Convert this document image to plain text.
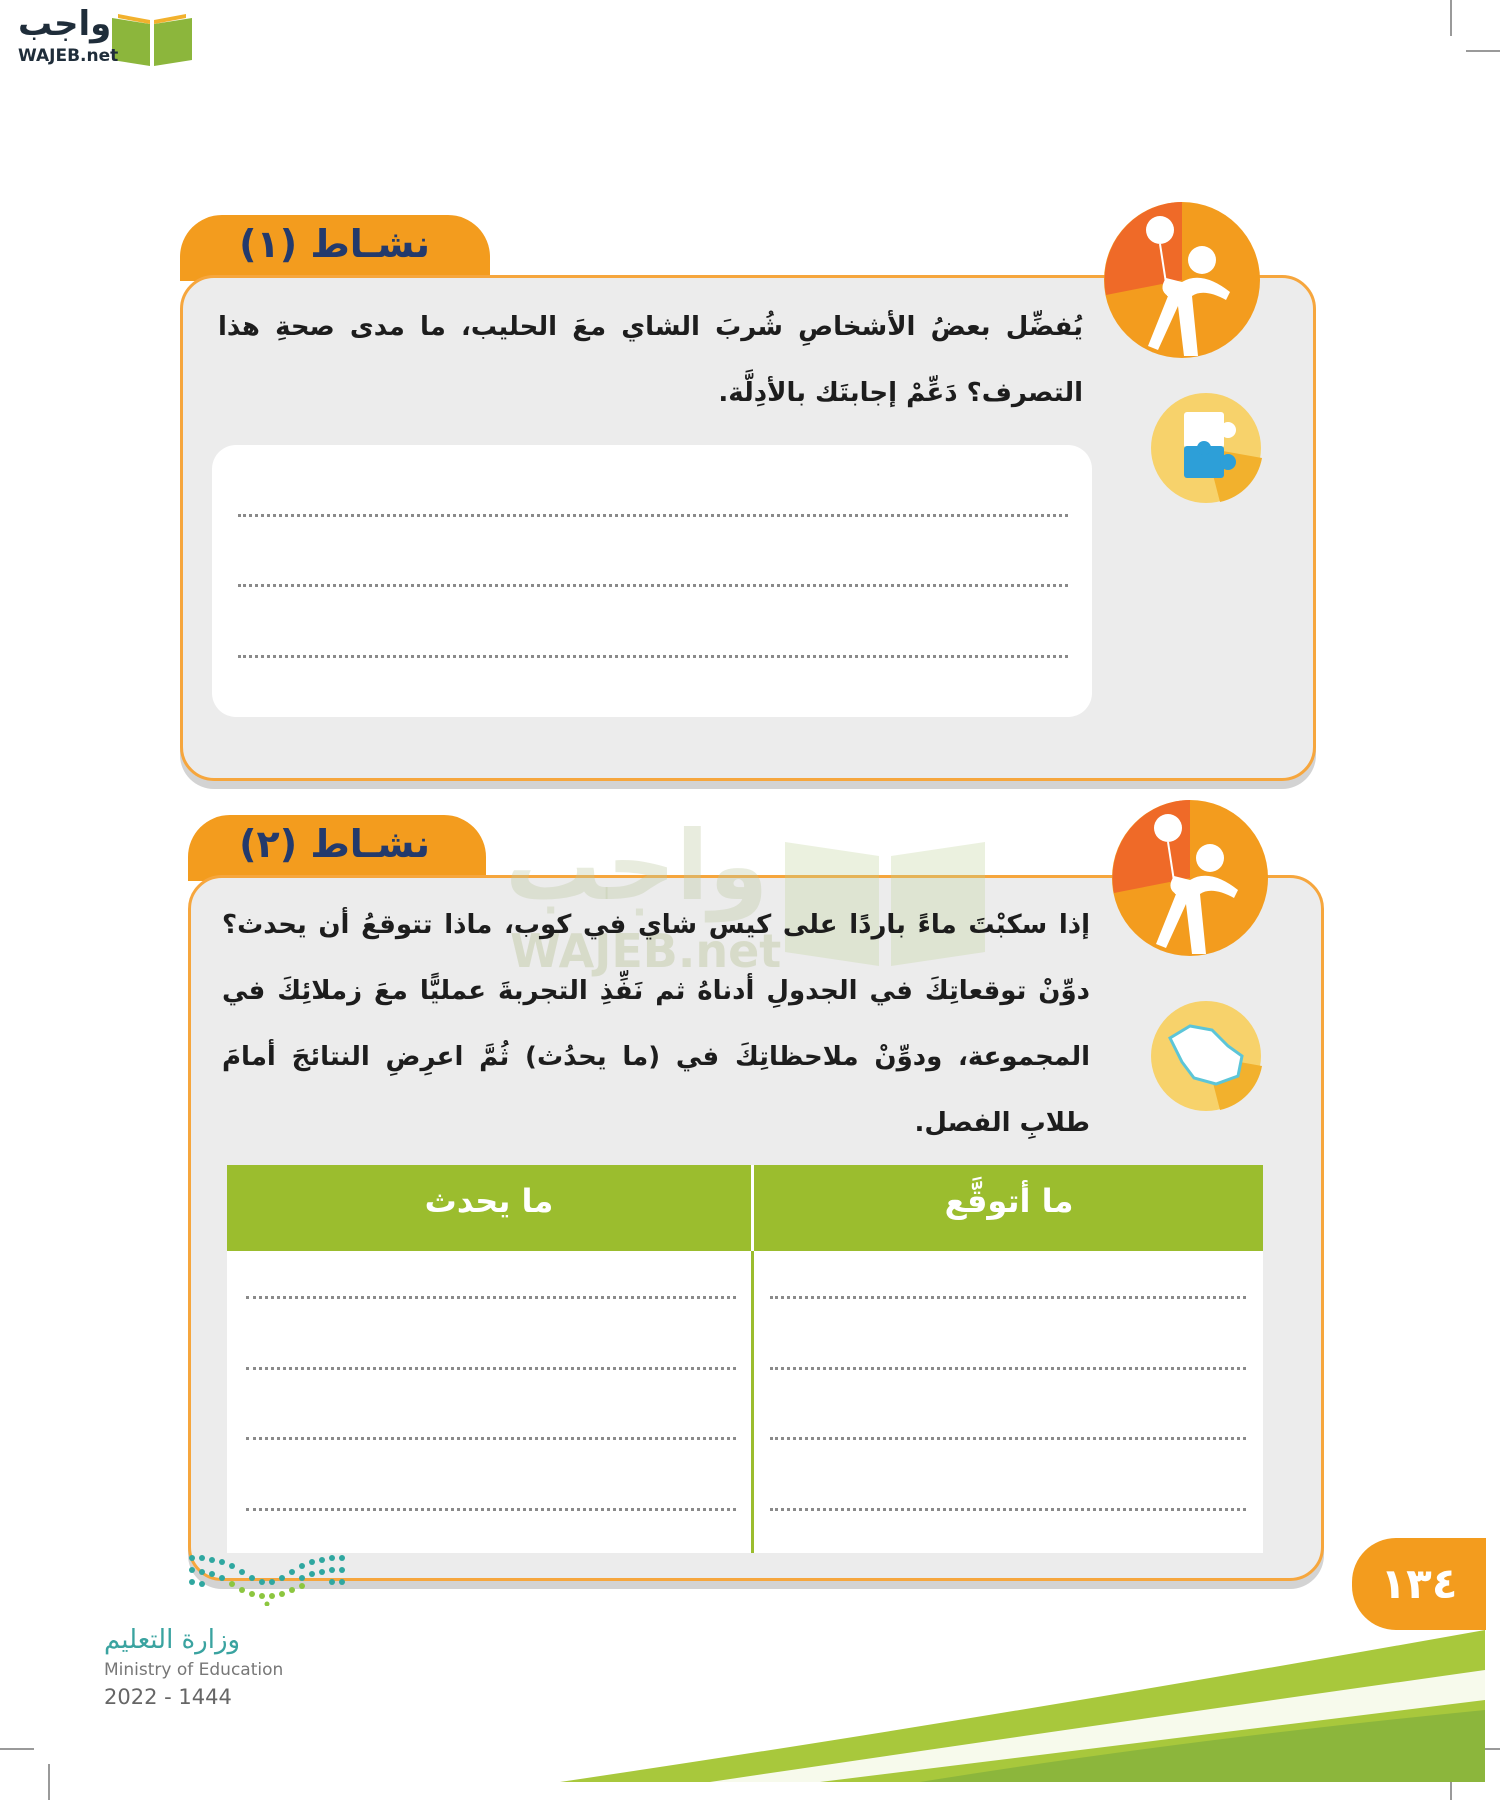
واجب
WAJEB.net
نشـاط (١)
يُفضِّل بعضُ الأشخاصِ شُربَ الشاي معَ الحليب، ما مدى صحةِ هذا التصرف؟ دَعِّمْ إجابتَك بالأدِلَّة.
نشـاط (٢) واجب
WAJEB.net
إذا سكبْتَ ماءً باردًا على كيس شاي في كوب، ماذا تتوقعُ أن يحدث؟ دوِّنْ توقعاتِكَ في الجدولِ أدناهُ ثم نَفِّذِ التجربةَ عمليًّا معَ زملائِكَ في المجموعة، ودوِّنْ ملاحظاتِكَ في (ما يحدُث) ثُمَّ اعرِضِ النتائجَ أمامَ طلابِ الفصل.
ما أتوقَّع
ما يحدث
١٣٤
وزارة التعليم
Ministry of Education
2022 - 1444
